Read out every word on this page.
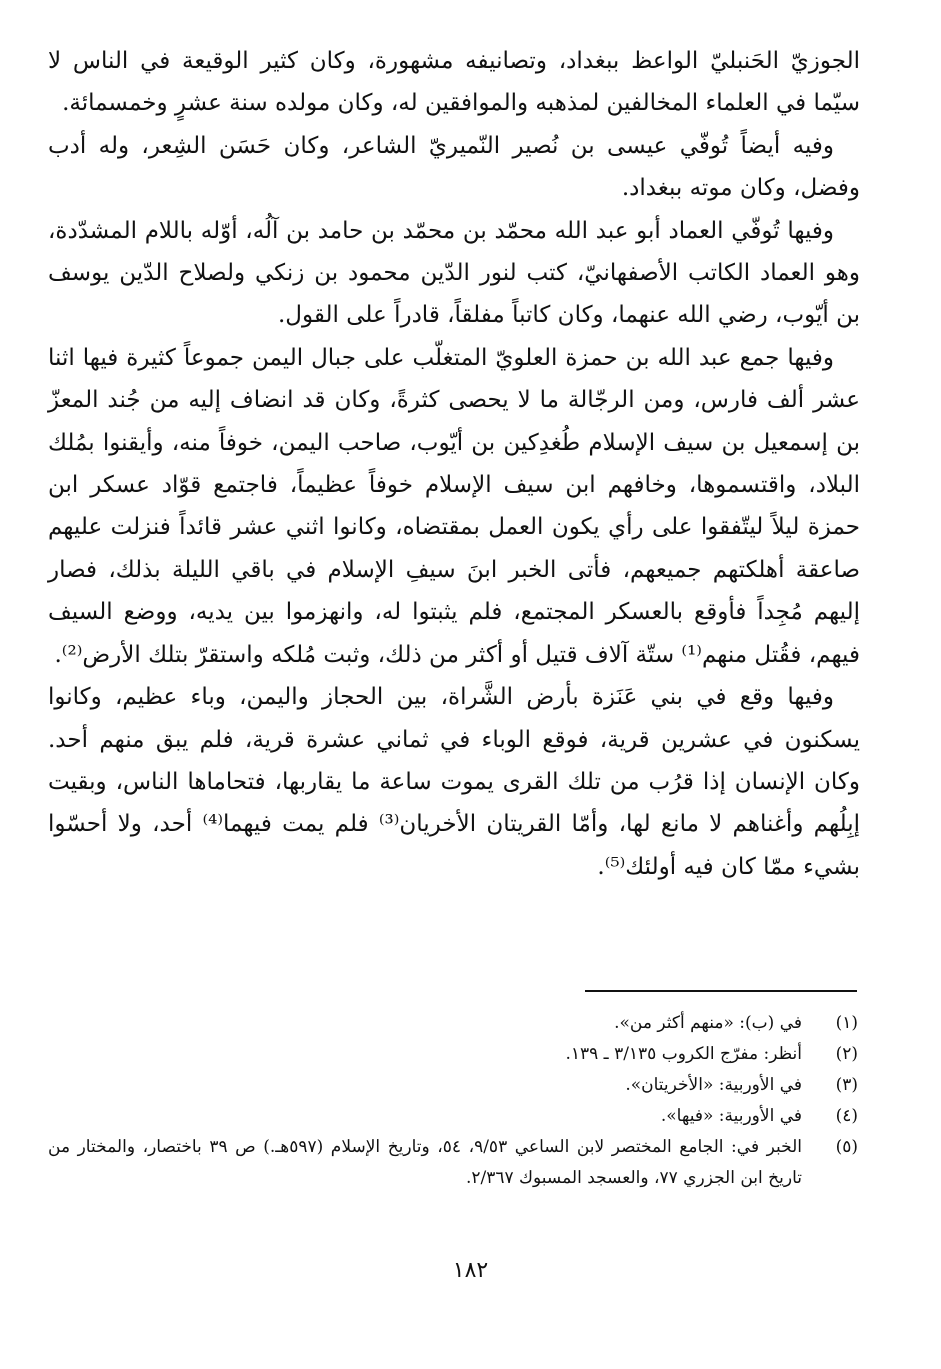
الجوزيّ الحَنبليّ الواعظ ببغداد، وتصانيفه مشهورة، وكان كثير الوقيعة في الناس لا سيّما في العلماء المخالفين لمذهبه والموافقين له، وكان مولده سنة عشرٍ وخمسمائة.

وفيه أيضاً تُوفّي عيسى بن نُصير النّميريّ الشاعر، وكان حَسَن الشِعر، وله أدب وفضل، وكان موته ببغداد.

وفيها تُوفّي العماد أبو عبد الله محمّد بن محمّد بن حامد بن آلُه، أوّله باللام المشدّدة، وهو العماد الكاتب الأصفهانيّ، كتب لنور الدّين محمود بن زنكي ولصلاح الدّين يوسف بن أيّوب، رضي الله عنهما، وكان كاتباً مفلقاً، قادراً على القول.

وفيها جمع عبد الله بن حمزة العلويّ المتغلّب على جبال اليمن جموعاً كثيرة فيها اثنا عشر ألف فارس، ومن الرجّالة ما لا يحصى كثرةً، وكان قد انضاف إليه من جُند المعزّ بن إسمعيل بن سيف الإسلام طُغدِكين بن أيّوب، صاحب اليمن، خوفاً منه، وأيقنوا بمُلك البلاد، واقتسموها، وخافهم ابن سيف الإسلام خوفاً عظيماً، فاجتمع قوّاد عسكر ابن حمزة ليلاً ليتّفقوا على رأي يكون العمل بمقتضاه، وكانوا اثني عشر قائداً فنزلت عليهم صاعقة أهلكتهم جميعهم، فأتى الخبر ابنَ سيفِ الإسلام في باقي الليلة بذلك، فصار إليهم مُجِداً فأوقع بالعسكر المجتمع، فلم يثبتوا له، وانهزموا بين يديه، ووضع السيف فيهم، فقُتل منهم⁽¹⁾ ستّة آلاف قتيل أو أكثر من ذلك، وثبت مُلكه واستقرّ بتلك الأرض⁽²⁾.

وفيها وقع في بني عَنَزة بأرض الشَّراة، بين الحجاز واليمن، وباء عظيم، وكانوا يسكنون في عشرين قرية، فوقع الوباء في ثماني عشرة قرية، فلم يبق منهم أحد. وكان الإنسان إذا قرُب من تلك القرى يموت ساعة ما يقاربها، فتحاماها الناس، وبقيت إبِلُهم وأغناهم لا مانع لها، وأمّا القريتان الأخريان⁽³⁾ فلم يمت فيهما⁽⁴⁾ أحد، ولا أحسّوا بشيء ممّا كان فيه أولئك⁽⁵⁾.

(١)
في (ب): «منهم أكثر من».
(٢)
أنظر: مفرّج الكروب ٣/١٣٥ ـ ١٣٩.
(٣)
في الأوربية: «الأخريتان».
(٤)
في الأوربية: «فيها».
(٥)
الخبر في: الجامع المختصر لابن الساعي ٩/٥٣، ٥٤، وتاريخ الإسلام (٥٩٧هـ.) ص ٣٩ باختصار، والمختار من تاريخ ابن الجزري ٧٧، والعسجد المسبوك ٢/٣٦٧.
١٨٢
